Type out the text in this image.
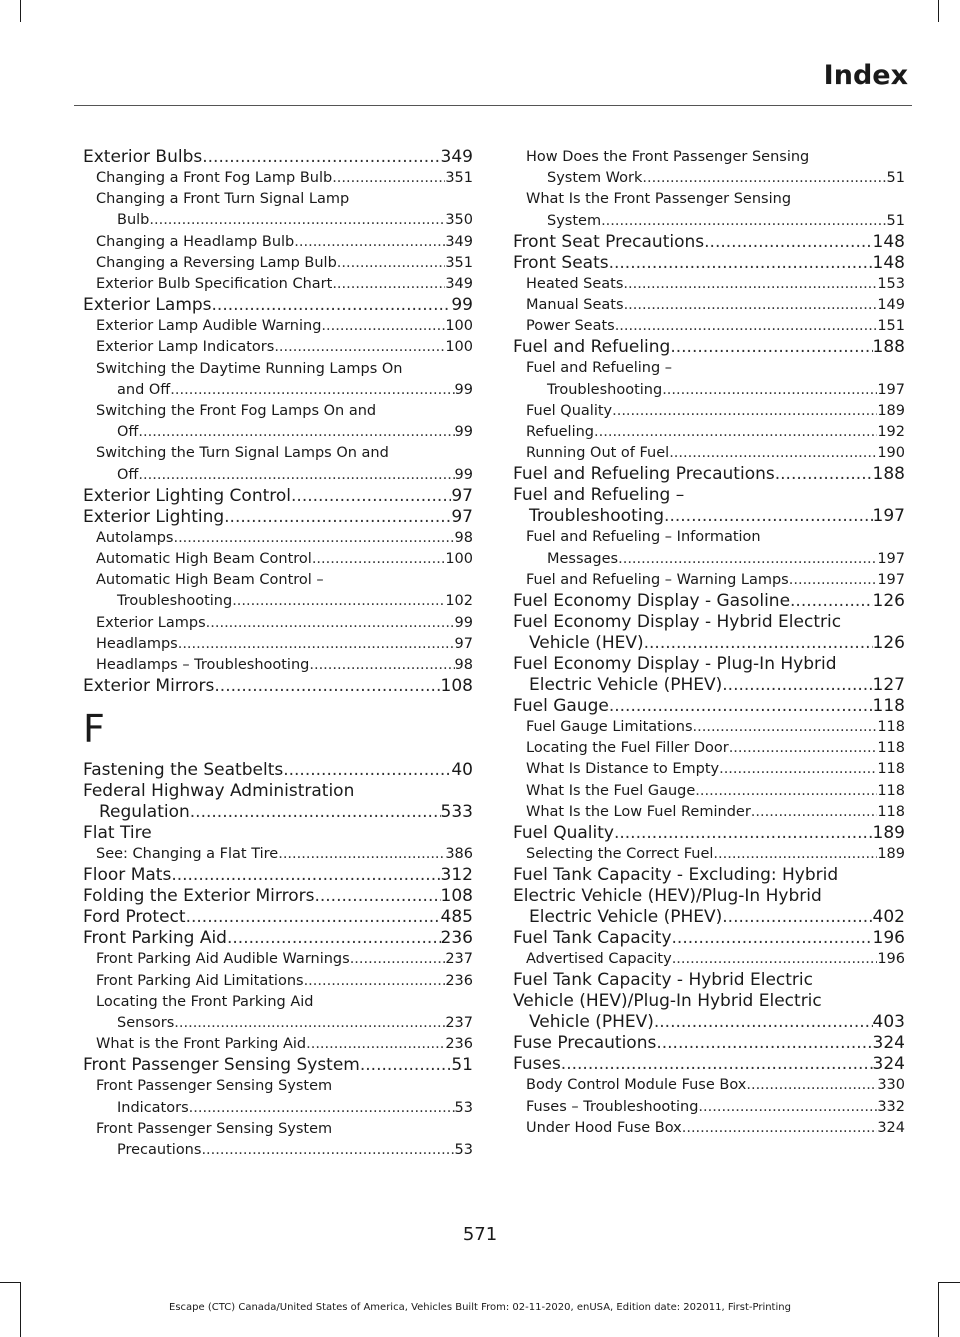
Index
Exterior Bulbs .....	349
Changing a Front Fog Lamp Bulb .....	351
Changing a Front Turn Signal Lamp
Bulb .....	350
Changing a Headlamp Bulb .....	349
Changing a Reversing Lamp Bulb .....	351
Exterior Bulb Specification Chart .....	349
Exterior Lamps .....	99
Exterior Lamp Audible Warning .....	100
Exterior Lamp Indicators .....	100
Switching the Daytime Running Lamps On
and Off .....	99
Switching the Front Fog Lamps On and
Off .....	99
Switching the Turn Signal Lamps On and
Off .....	99
Exterior Lighting Control .....	97
Exterior Lighting .....	97
Autolamps .....	98
Automatic High Beam Control .....	100
Automatic High Beam Control –
Troubleshooting .....	102
Exterior Lamps .....	99
Headlamps .....	97
Headlamps – Troubleshooting .....	98
Exterior Mirrors .....	108
F
Fastening the Seatbelts .....	40
Federal Highway Administration
Regulation .....	533
Flat Tire
See: Changing a Flat Tire .....	386
Floor Mats .....	312
Folding the Exterior Mirrors .....	108
Ford Protect .....	485
Front Parking Aid .....	236
Front Parking Aid Audible Warnings .....	237
Front Parking Aid Limitations .....	236
Locating the Front Parking Aid
Sensors .....	237
What is the Front Parking Aid .....	236
Front Passenger Sensing System .....	51
Front Passenger Sensing System
Indicators .....	53
Front Passenger Sensing System
Precautions .....	53
How Does the Front Passenger Sensing
System Work .....	51
What Is the Front Passenger Sensing
System .....	51
Front Seat Precautions .....	148
Front Seats .....	148
Heated Seats .....	153
Manual Seats .....	149
Power Seats .....	151
Fuel and Refueling .....	188
Fuel and Refueling –
Troubleshooting .....	197
Fuel Quality .....	189
Refueling .....	192
Running Out of Fuel .....	190
Fuel and Refueling Precautions .....	188
Fuel and Refueling –
Troubleshooting .....	197
Fuel and Refueling – Information
Messages .....	197
Fuel and Refueling – Warning Lamps .....	197
Fuel Economy Display - Gasoline .....	126
Fuel Economy Display - Hybrid Electric
Vehicle (HEV) .....	126
Fuel Economy Display - Plug-In Hybrid
Electric Vehicle (PHEV) .....	127
Fuel Gauge .....	118
Fuel Gauge Limitations .....	118
Locating the Fuel Filler Door .....	118
What Is Distance to Empty .....	118
What Is the Fuel Gauge .....	118
What Is the Low Fuel Reminder .....	118
Fuel Quality .....	189
Selecting the Correct Fuel .....	189
Fuel Tank Capacity - Excluding: Hybrid
Electric Vehicle (HEV)/Plug-In Hybrid
Electric Vehicle (PHEV) .....	402
Fuel Tank Capacity .....	196
Advertised Capacity .....	196
Fuel Tank Capacity - Hybrid Electric
Vehicle (HEV)/Plug-In Hybrid Electric
Vehicle (PHEV) .....	403
Fuse Precautions .....	324
Fuses .....	324
Body Control Module Fuse Box .....	330
Fuses – Troubleshooting .....	332
Under Hood Fuse Box .....	324
571
Escape (CTC) Canada/United States of America, Vehicles Built From: 02-11-2020, enUSA, Edition date: 202011, First-Printing
